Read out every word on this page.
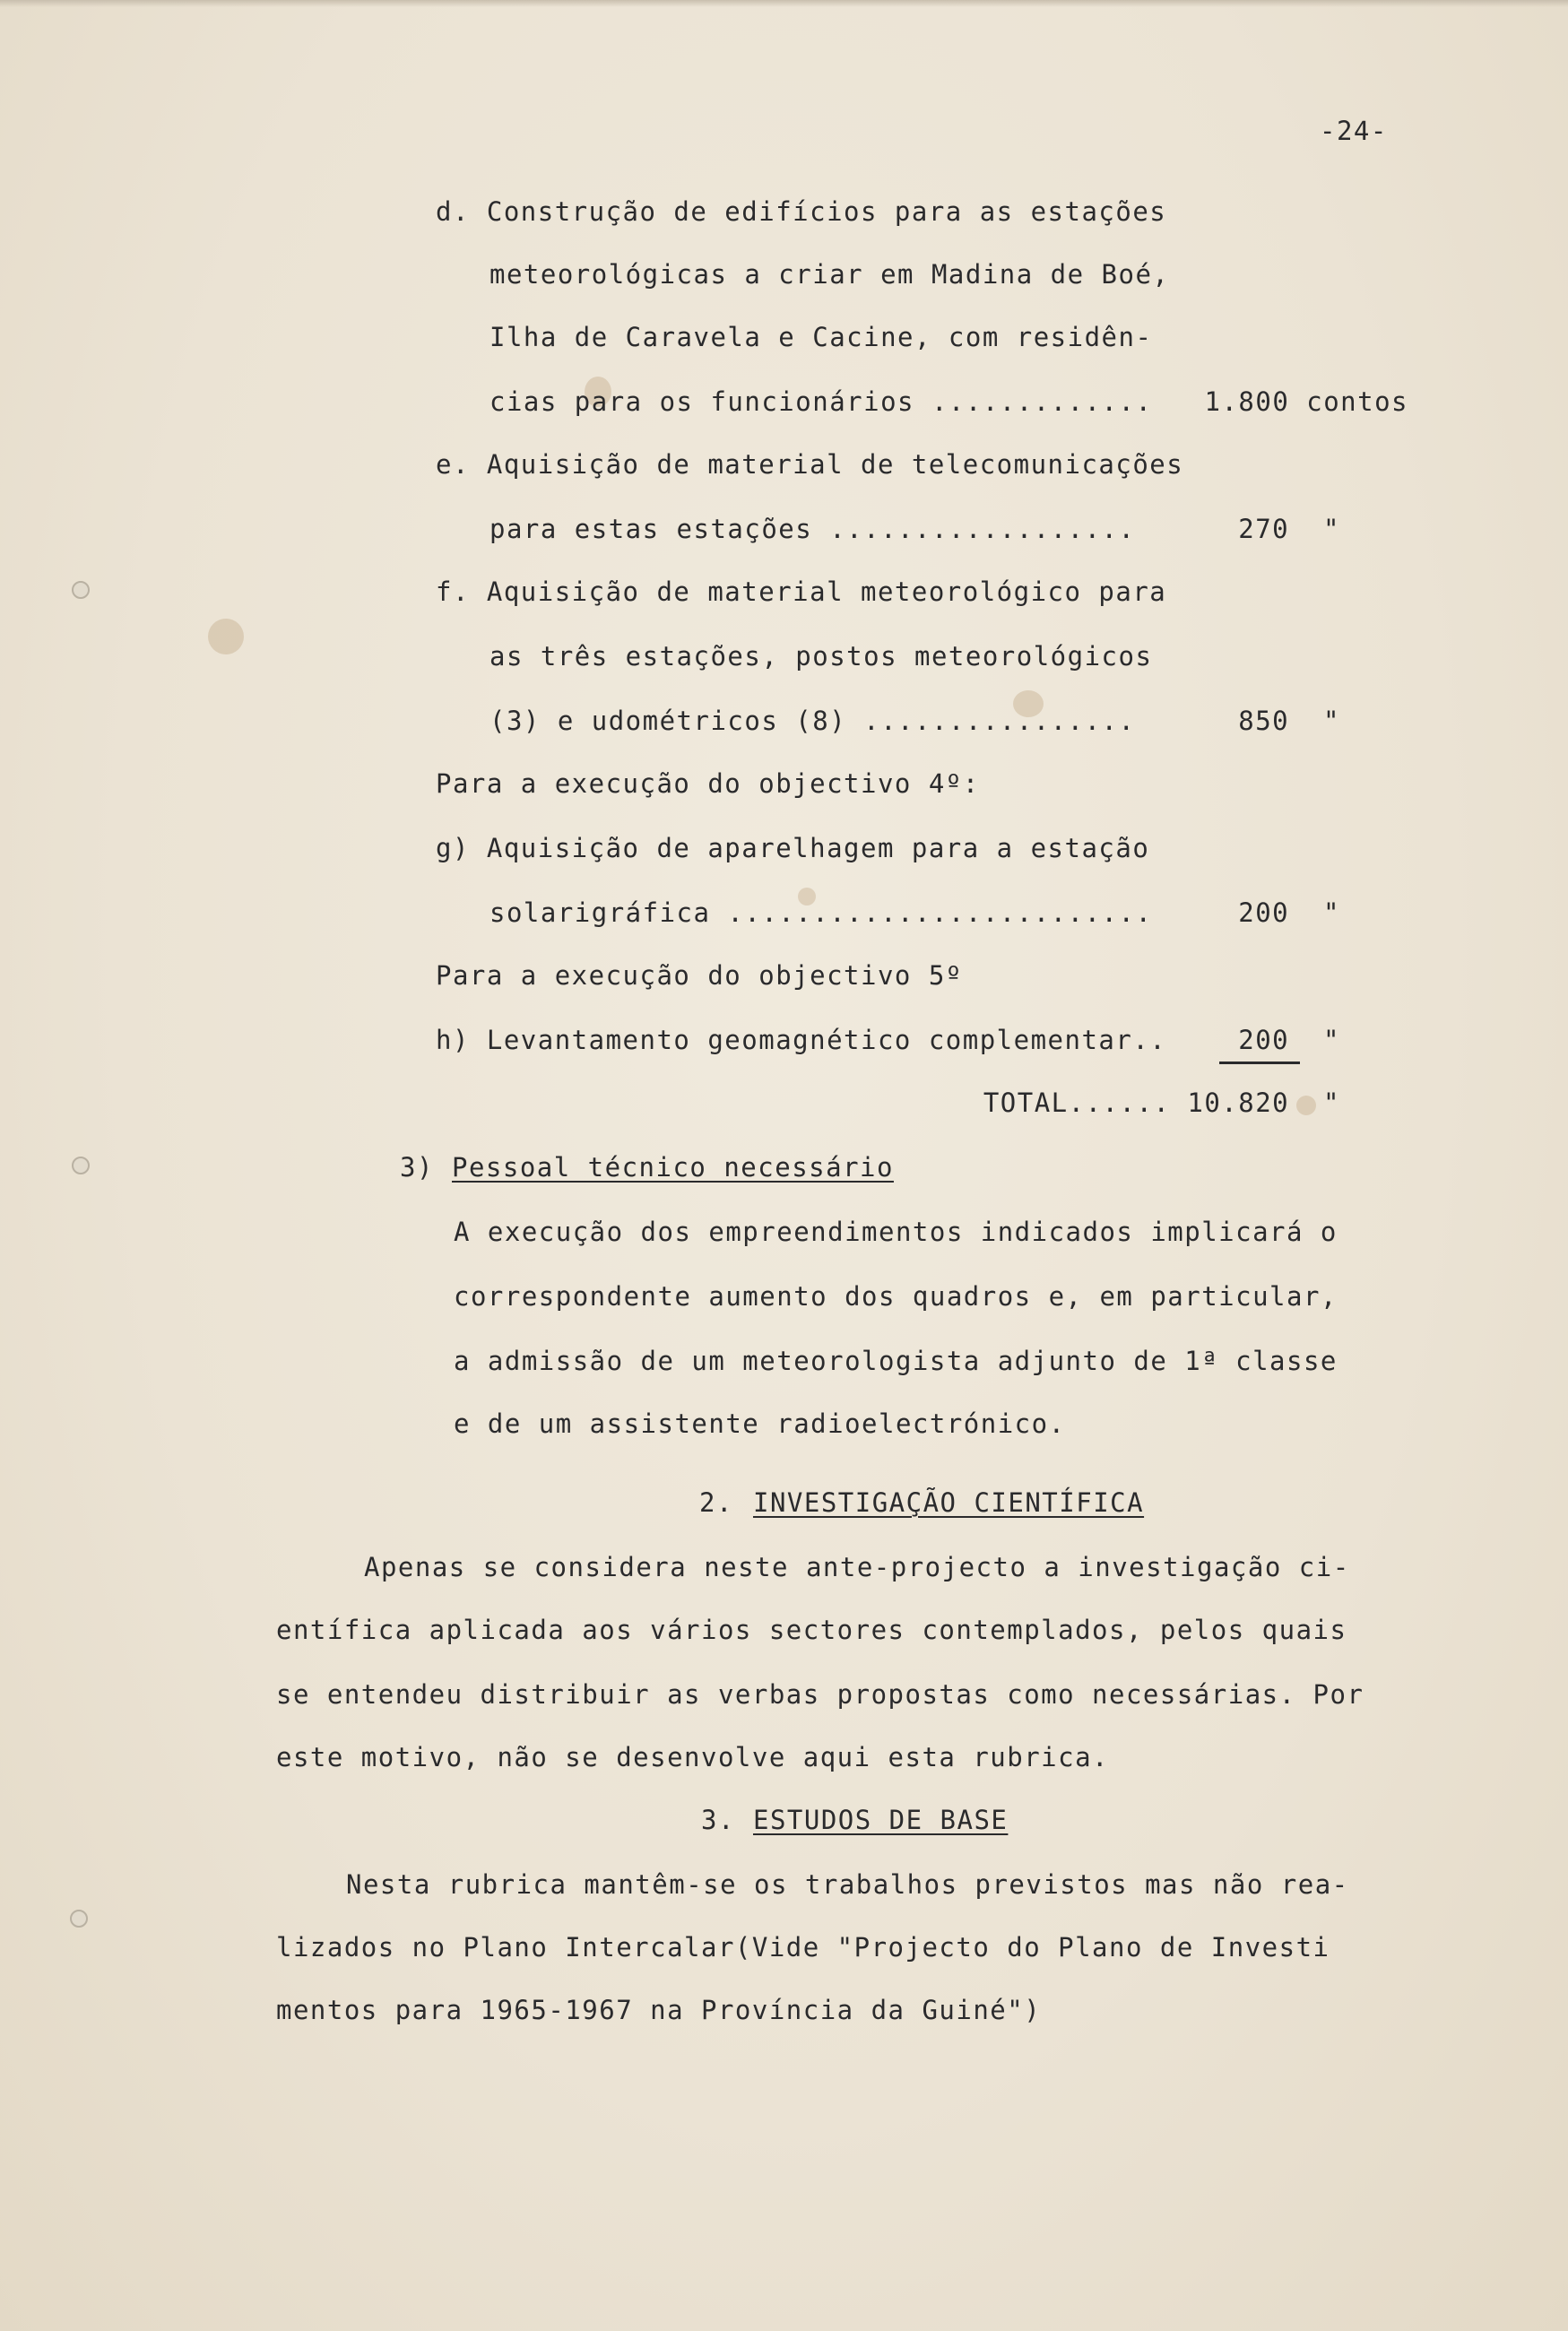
-24-
d. Construção de edifícios para as estações
meteorológicas a criar em Madina de Boé,
Ilha de Caravela e Cacine, com residên-
cias para os funcionários ............. 1.800 contos
e. Aquisição de material de telecomunicações
para estas estações ..................	270  "
f. Aquisição de material meteorológico para
as três estações, postos meteorológicos
(3) e udométricos (8) ................	850  "
Para a execução do objectivo 4º:
g) Aquisição de aparelhagem para a estação
solarigráfica .........................	200  "
Para a execução do objectivo 5º
h) Levantamento geomagnético complementar..	200  "
TOTAL...... 10.820  "
3) Pessoal técnico necessário
A execução dos empreendimentos indicados implicará o
correspondente aumento dos quadros e, em particular,
a admissão de um meteorologista adjunto de 1ª classe
e de um assistente radioelectrónico.
2. INVESTIGAÇÃO CIENTÍFICA
Apenas se considera neste ante-projecto a investigação ci-
entífica aplicada aos vários sectores contemplados, pelos quais
se entendeu distribuir as verbas propostas como necessárias. Por
este motivo, não se desenvolve aqui esta rubrica.
3. ESTUDOS DE BASE
Nesta rubrica mantêm-se os trabalhos previstos mas não rea-
lizados no Plano Intercalar(Vide "Projecto do Plano de Investi
mentos para 1965-1967 na Província da Guiné")
